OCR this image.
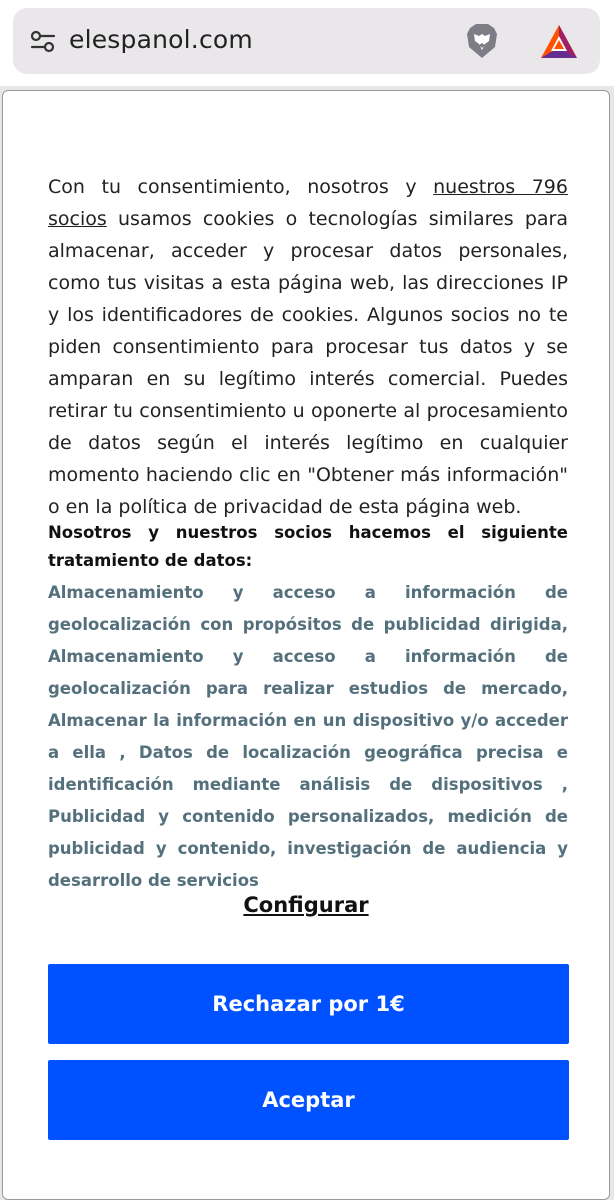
elespanol.com
Con tu consentimiento, nosotros y nuestros 796 socios usamos cookies o tecnologías similares para almacenar, acceder y procesar datos personales, como tus visitas a esta página web, las direcciones IP y los identificadores de cookies. Algunos socios no te piden consentimiento para procesar tus datos y se amparan en su legítimo interés comercial. Puedes retirar tu consentimiento u oponerte al procesamiento de datos según el interés legítimo en cualquier momento haciendo clic en "Obtener más información" o en la política de privacidad de esta página web.
Nosotros y nuestros socios hacemos el siguiente tratamiento de datos:
Almacenamiento y acceso a información de geolocalización con propósitos de publicidad dirigida, Almacenamiento y acceso a información de geolocalización para realizar estudios de mercado, Almacenar la información en un dispositivo y/o acceder a ella , Datos de localización geográfica precisa e identificación mediante análisis de dispositivos , Publicidad y contenido personalizados, medición de publicidad y contenido, investigación de audiencia y desarrollo de servicios
Configurar
Rechazar por 1€
Aceptar
